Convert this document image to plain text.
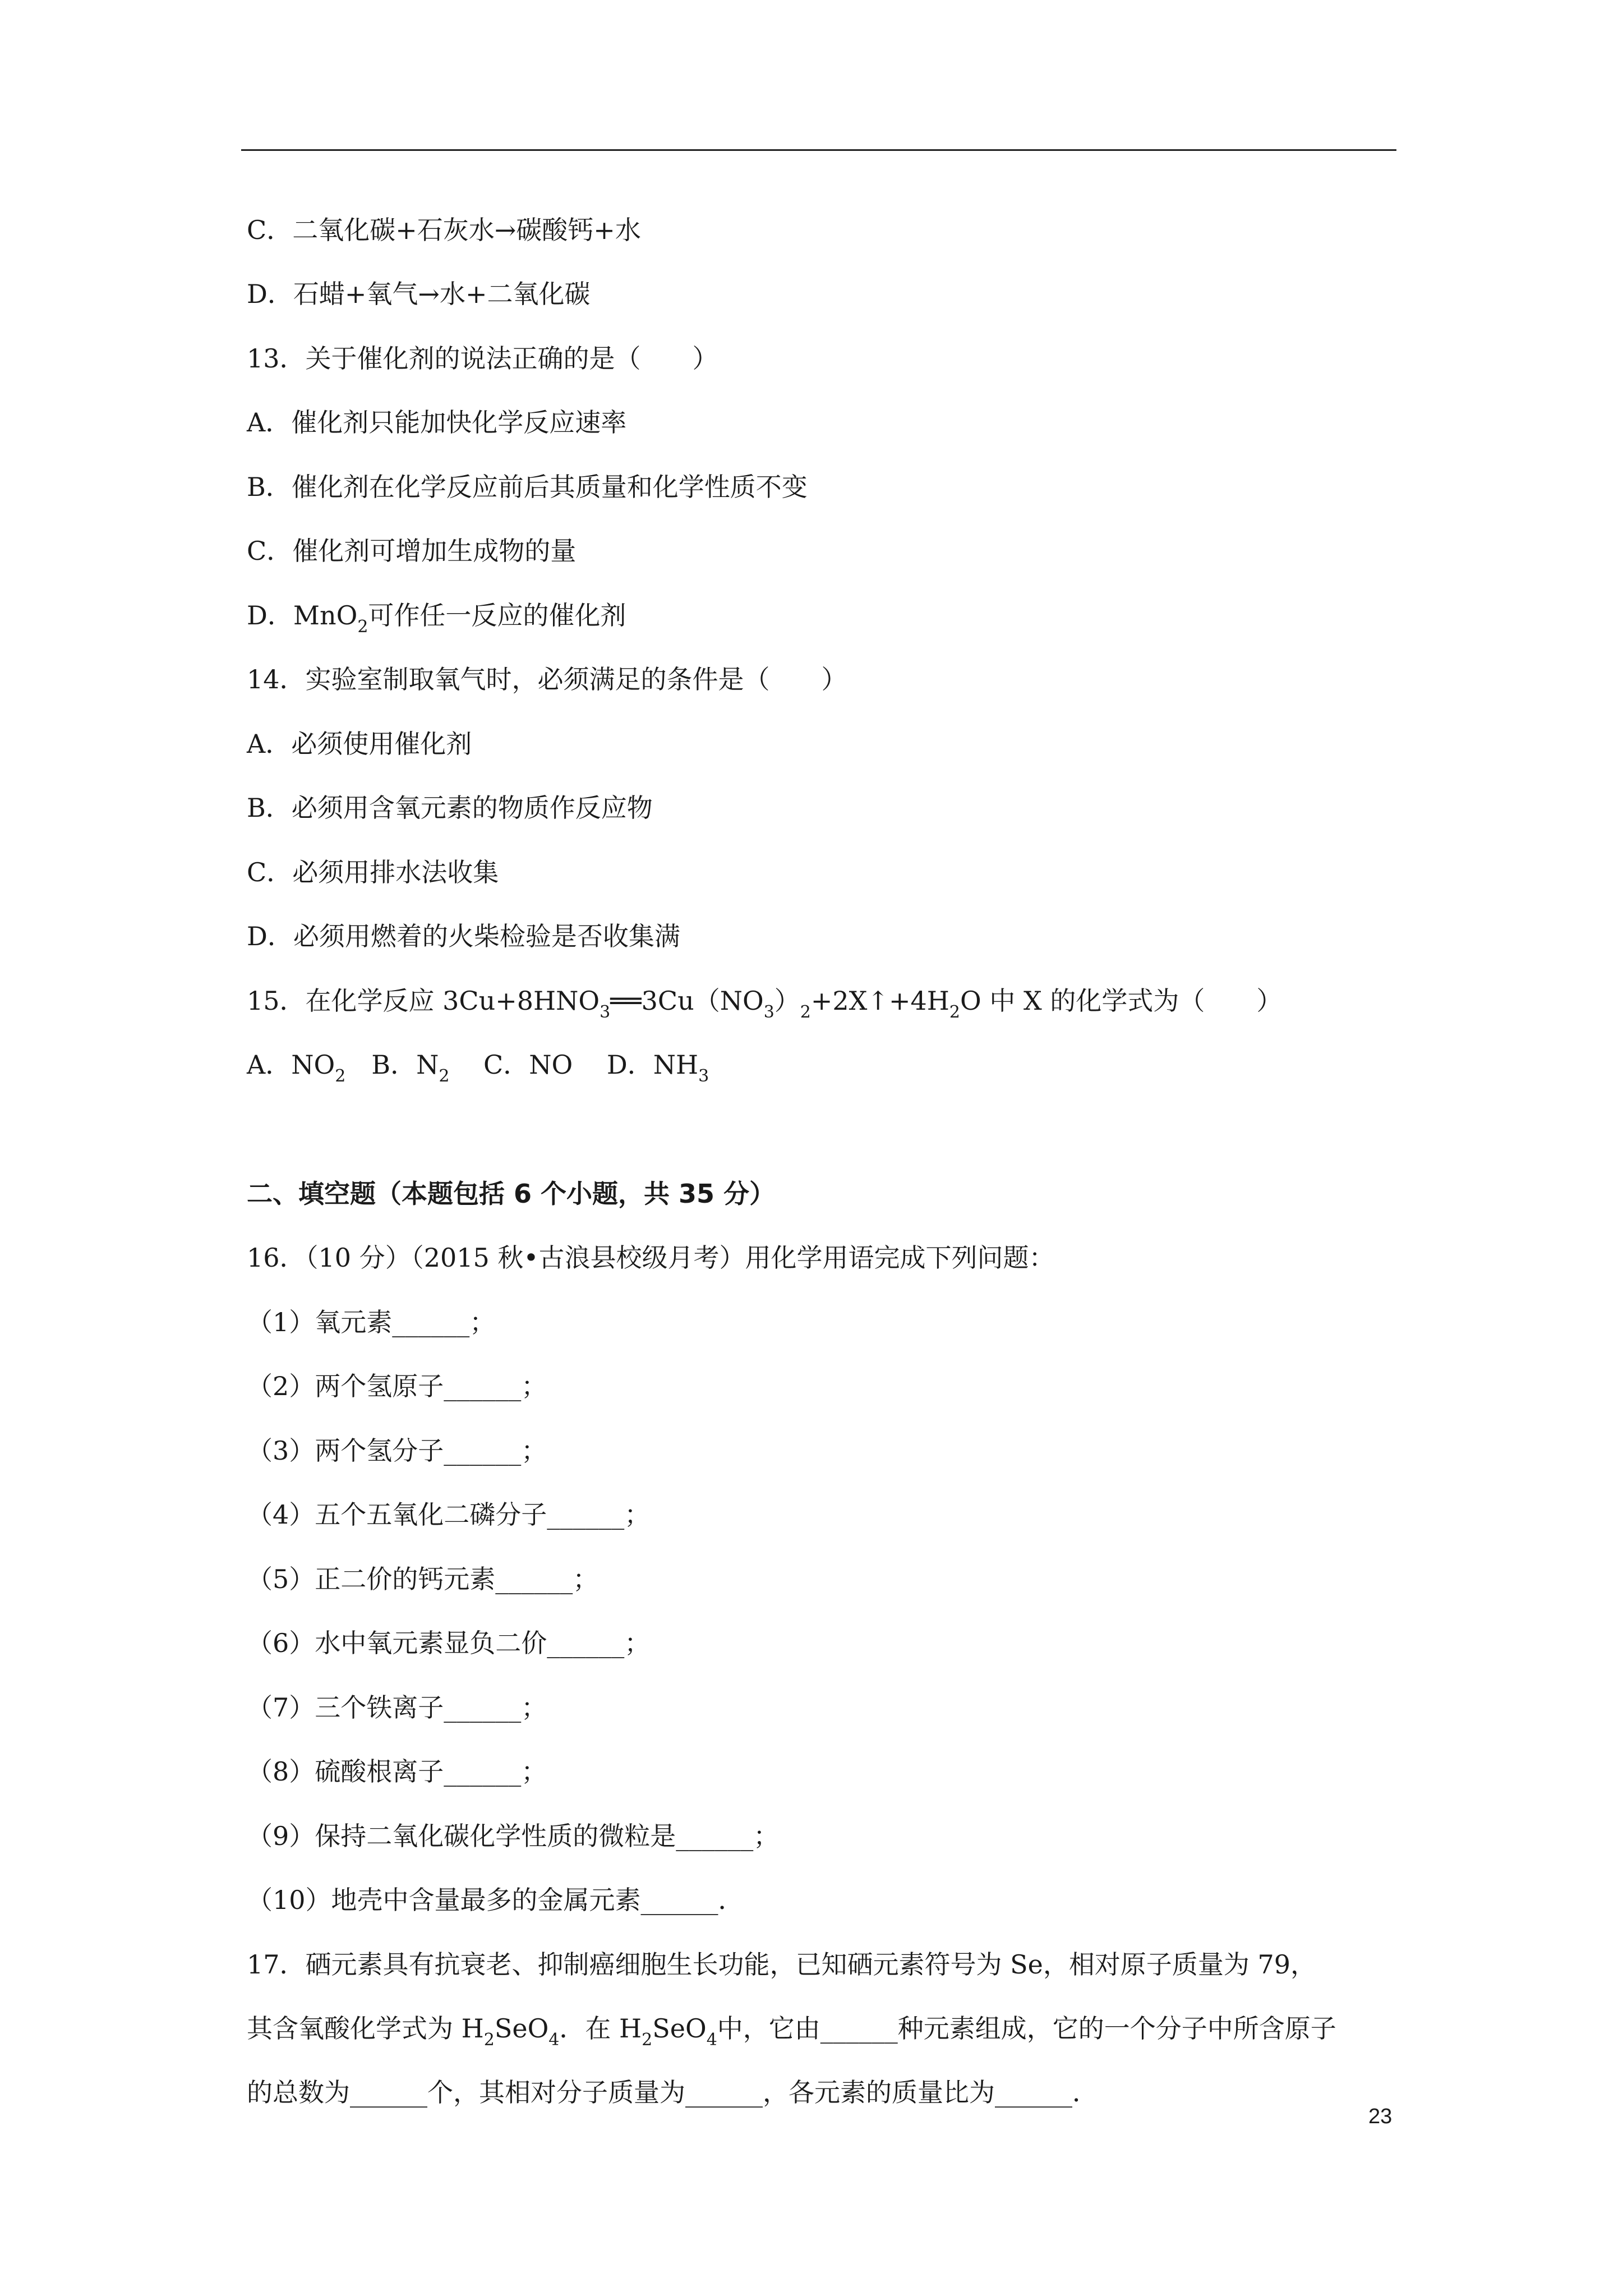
C．二氧化碳+石灰水→碳酸钙+水
D．石蜡+氧气→水+二氧化碳
13．关于催化剂的说法正确的是（　　）
A．催化剂只能加快化学反应速率
B．催化剂在化学反应前后其质量和化学性质不变
C．催化剂可增加生成物的量
D．MnO$_2$可作任一反应的催化剂
14．实验室制取氧气时，必须满足的条件是（　　）
A．必须使用催化剂
B．必须用含氧元素的物质作反应物
C．必须用排水法收集
D．必须用燃着的火柴检验是否收集满
15．在化学反应 $3Cu+8HNO_3══3Cu(NO_3)_2+2X↑+4H_2O$ 中 X 的化学式为（　　）
A．$NO_2$　B．$N_2$　 C．NO　 D．$NH_3$
二、填空题（本题包括 6 个小题，共 35 分）
16．（10 分）（2015 秋•古浪县校级月考）用化学用语完成下列问题：
（1）氧元素______；
（2）两个氢原子______；
（3）两个氢分子______；
（4）五个五氧化二磷分子______；
（5）正二价的钙元素______；
（6）水中氧元素显负二价______；
（7）三个铁离子______；
（8）硫酸根离子______；
（9）保持二氧化碳化学性质的微粒是______；
（10）地壳中含量最多的金属元素______．
17．硒元素具有抗衰老、抑制癌细胞生长功能，已知硒元素符号为 Se，相对原子质量为 79，
其含氧酸化学式为 $H_2SeO_4$．在 $H_2SeO_4$中，它由______种元素组成，它的一个分子中所含原子
的总数为______个，其相对分子质量为______，各元素的质量比为______．
23
